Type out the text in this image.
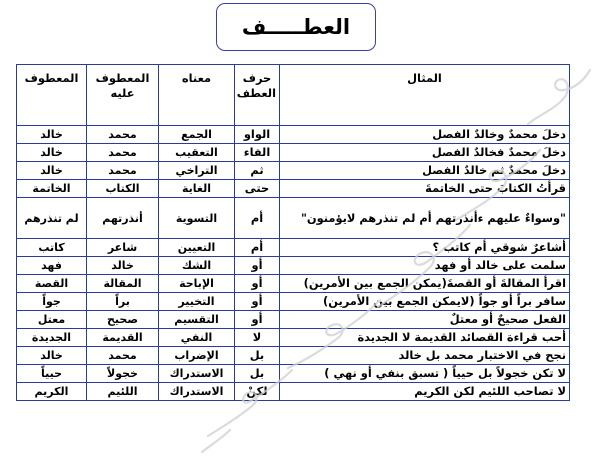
العطـــــف
المثال	حرف العطف	معناه	المعطوف عليه	المعطوف
دخلَ محمدٌ وخالدٌ الفصل	الواو	الجمع	محمد	خالد
دخلَ محمدٌ فخالدٌ الفصل	الفاء	التعقيب	محمد	خالد
دخلَ محمدٌ ثم خالدٌ الفصل	ثم	التراخي	محمد	خالد
قرأتُ الكتابَ حتى الخاتمةَ	حتى	الغاية	الكتاب	الخاتمة
"وسواءٌ عليهم ءأنذرتهم أم لم تنذرهم لايؤمنون"	أم	التسوية	أنذرتهم	لم تنذرهم
أشاعرٌ شوقي أم كاتب ؟	أم	التعيين	شاعر	كاتب
سلمت على خالد أو فهد	أو	الشك	خالد	فهد
اقرأ المقالةَ أو القصةَ(يمكن الجمع بين الأمرين)	أو	الإباحة	المقالة	القصة
سافر براً أو جواً (لايمكن الجمع بين الأمرين)	أو	التخيير	براً	جواً
الفعل صحيحٌ أو معتلٌ	أو	التقسيم	صحيح	معتل
أحب قراءة القصائد القديمة لا الجديدة	لا	النفي	القديمة	الجديدة
نجح في الاختبار محمد بل خالد	بل	الإضراب	محمد	خالد
لا تكن خجولاً بل حيياً ( تسبق بنفي أو نهي )	بل	الاستدراك	خجولاً	حيياً
لا تصاحب اللئيم لكن الكريم	لكنْ	الاستدراك	اللئيم	الكريم
